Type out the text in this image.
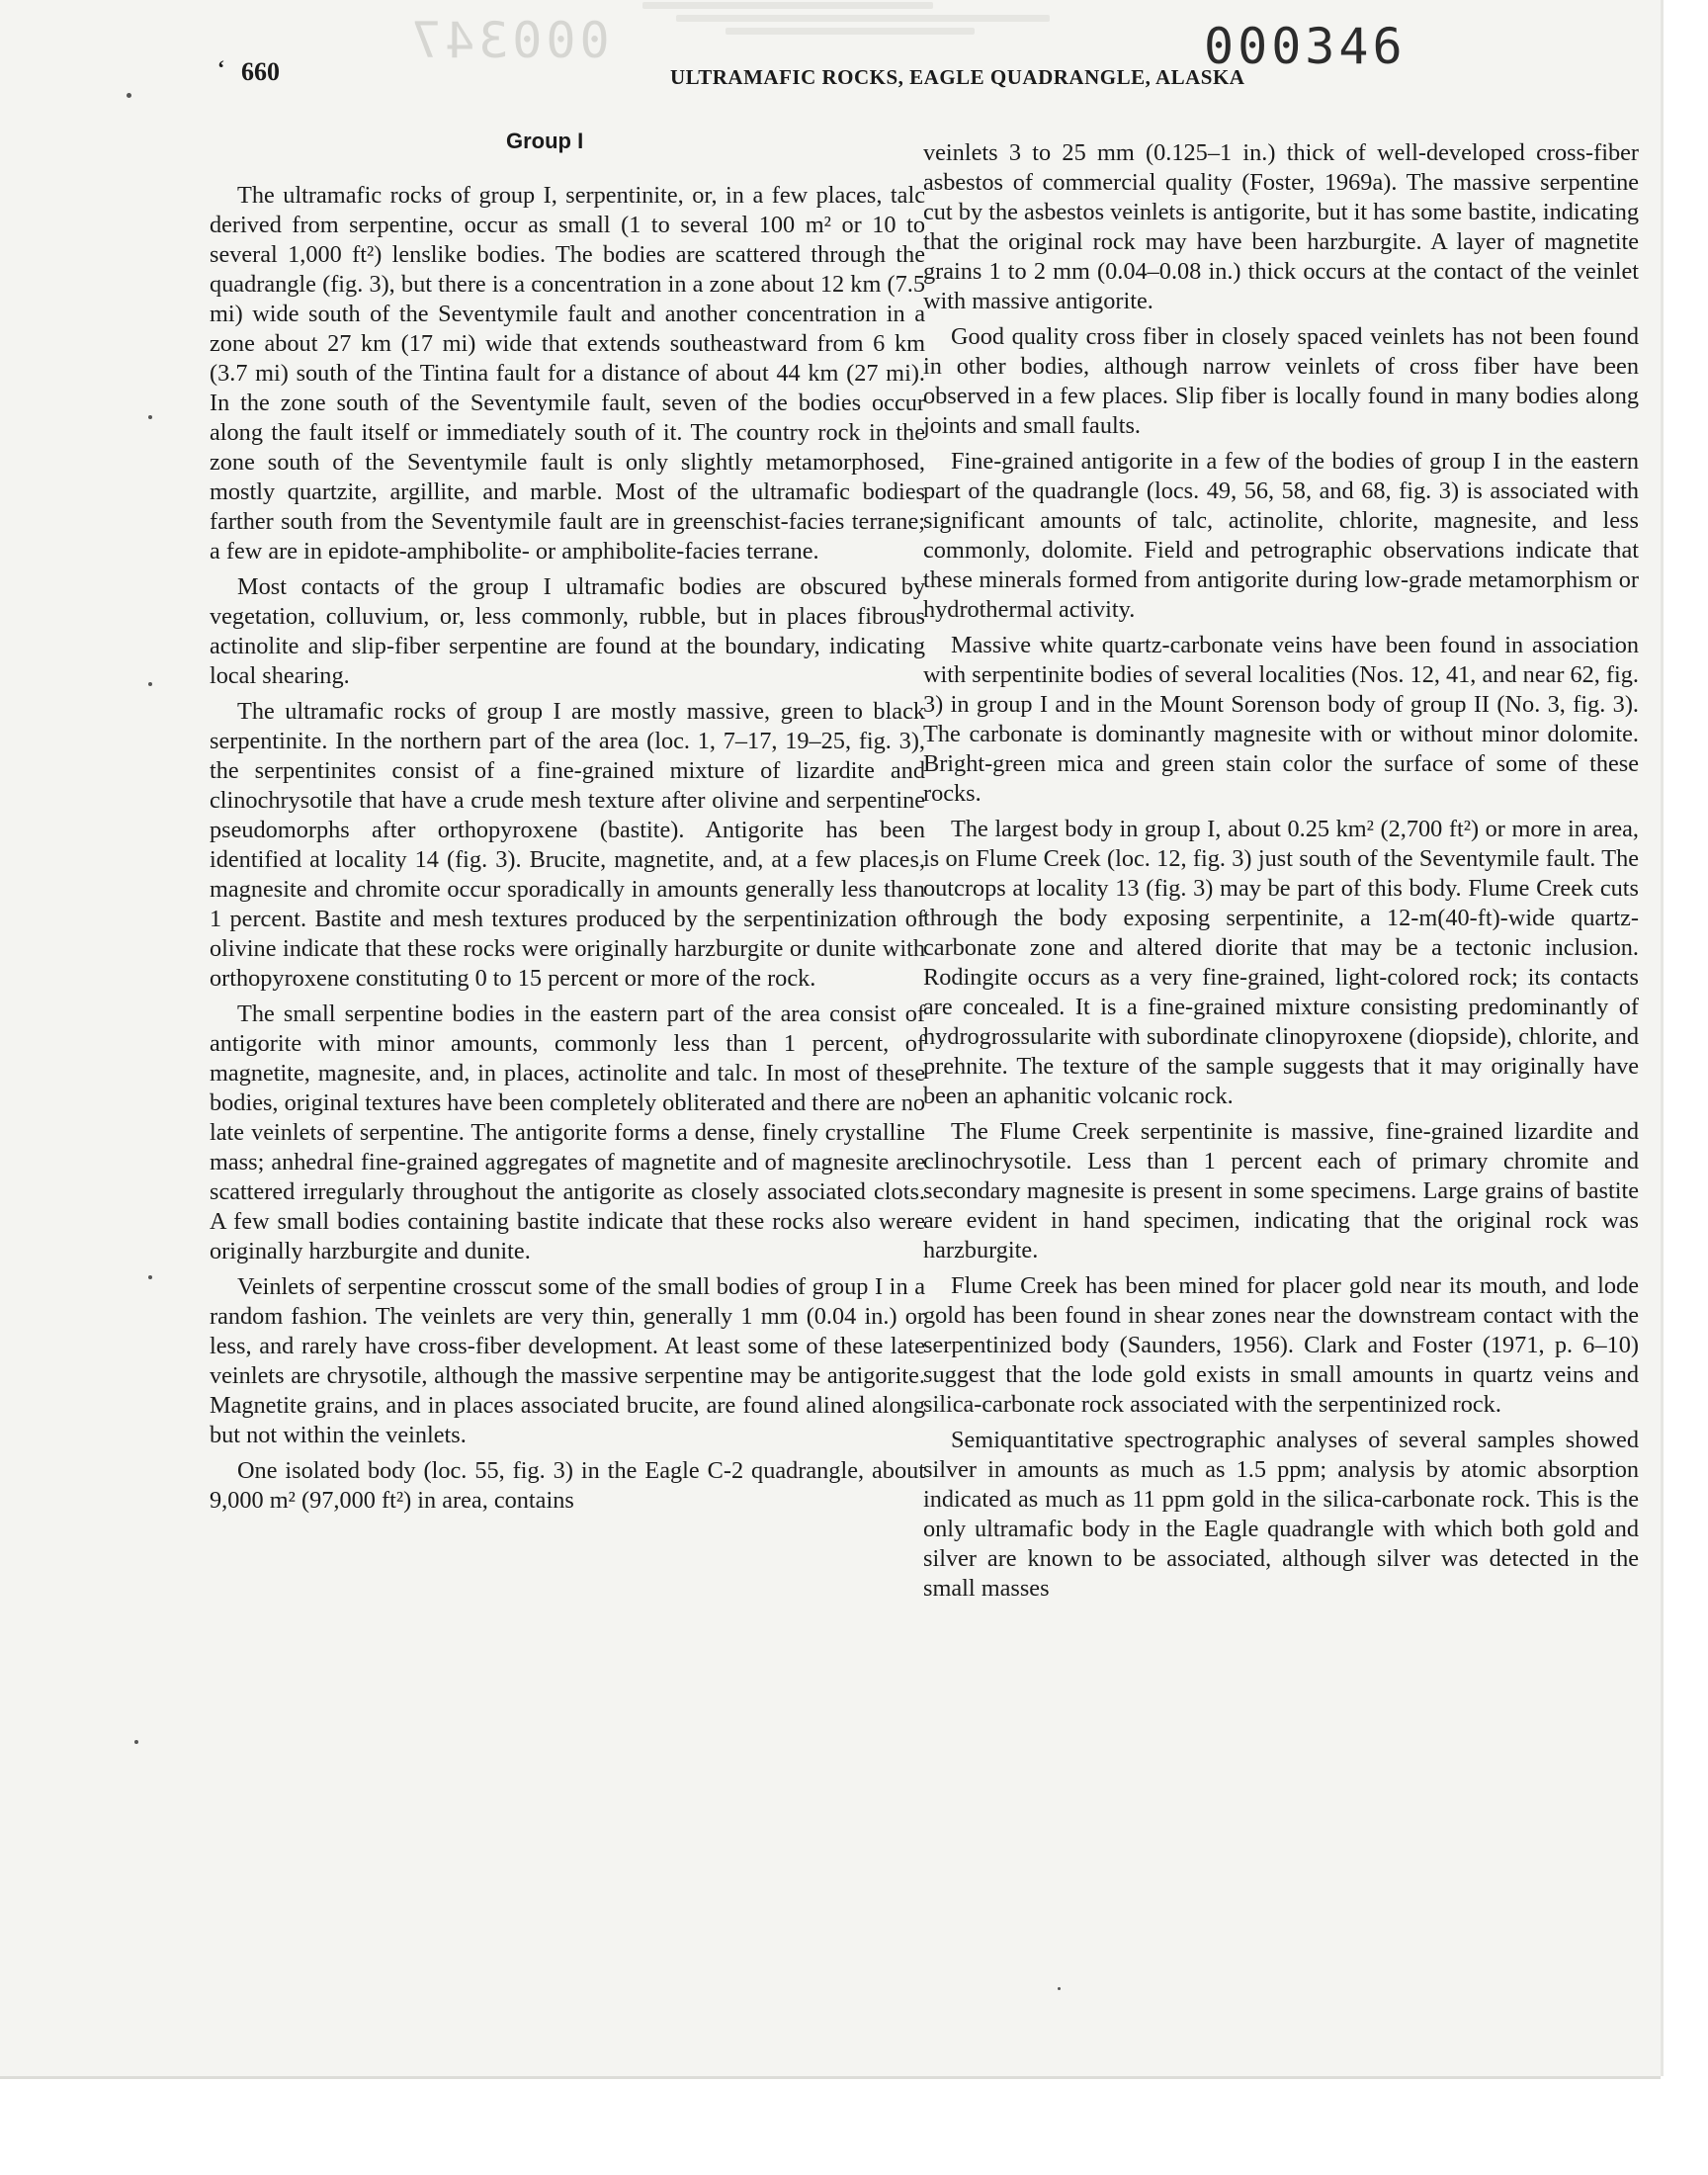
000347
‘ 660	ULTRAMAFIC ROCKS, EAGLE QUADRANGLE, ALASKA
000346
Group I

The ultramafic rocks of group I, serpentinite, or, in a few places, talc derived from serpentine, occur as small (1 to several 100 m² or 10 to several 1,000 ft²) lenslike bodies. The bodies are scattered through the quadrangle (fig. 3), but there is a concentration in a zone about 12 km (7.5 mi) wide south of the Seventymile fault and another concentration in a zone about 27 km (17 mi) wide that extends southeastward from 6 km (3.7 mi) south of the Tintina fault for a distance of about 44 km (27 mi). In the zone south of the Seventymile fault, seven of the bodies occur along the fault itself or immediately south of it. The country rock in the zone south of the Seventymile fault is only slightly metamorphosed, mostly quartzite, argillite, and marble. Most of the ultramafic bodies farther south from the Seventymile fault are in greenschist-facies terrane; a few are in epidote-amphibolite- or amphibolite-facies terrane.

Most contacts of the group I ultramafic bodies are obscured by vegetation, colluvium, or, less commonly, rubble, but in places fibrous actinolite and slip-fiber serpentine are found at the boundary, indicating local shearing.

The ultramafic rocks of group I are mostly massive, green to black serpentinite. In the northern part of the area (loc. 1, 7–17, 19–25, fig. 3), the serpentinites consist of a fine-grained mixture of lizardite and clinochrysotile that have a crude mesh texture after olivine and serpentine pseudomorphs after orthopyroxene (bastite). Antigorite has been identified at locality 14 (fig. 3). Brucite, magnetite, and, at a few places, magnesite and chromite occur sporadically in amounts generally less than 1 percent. Bastite and mesh textures produced by the serpentinization of olivine indicate that these rocks were originally harzburgite or dunite with orthopyroxene constituting 0 to 15 percent or more of the rock.

The small serpentine bodies in the eastern part of the area consist of antigorite with minor amounts, commonly less than 1 percent, of magnetite, magnesite, and, in places, actinolite and talc. In most of these bodies, original textures have been completely obliterated and there are no late veinlets of serpentine. The antigorite forms a dense, finely crystalline mass; anhedral fine-grained aggregates of magnetite and of magnesite are scattered irregularly throughout the antigorite as closely associated clots. A few small bodies containing bastite indicate that these rocks also were originally harzburgite and dunite.

Veinlets of serpentine crosscut some of the small bodies of group I in a random fashion. The veinlets are very thin, generally 1 mm (0.04 in.) or less, and rarely have cross-fiber development. At least some of these late veinlets are chrysotile, although the massive serpentine may be antigorite. Magnetite grains, and in places associated brucite, are found alined along but not within the veinlets.

One isolated body (loc. 55, fig. 3) in the Eagle C-2 quadrangle, about 9,000 m² (97,000 ft²) in area, contains

veinlets 3 to 25 mm (0.125–1 in.) thick of well-developed cross-fiber asbestos of commercial quality (Foster, 1969a). The massive serpentine cut by the asbestos veinlets is antigorite, but it has some bastite, indicating that the original rock may have been harzburgite. A layer of magnetite grains 1 to 2 mm (0.04–0.08 in.) thick occurs at the contact of the veinlet with massive antigorite.

Good quality cross fiber in closely spaced veinlets has not been found in other bodies, although narrow veinlets of cross fiber have been observed in a few places. Slip fiber is locally found in many bodies along joints and small faults.

Fine-grained antigorite in a few of the bodies of group I in the eastern part of the quadrangle (locs. 49, 56, 58, and 68, fig. 3) is associated with significant amounts of talc, actinolite, chlorite, magnesite, and less commonly, dolomite. Field and petrographic observations indicate that these minerals formed from antigorite during low-grade metamorphism or hydrothermal activity.

Massive white quartz-carbonate veins have been found in association with serpentinite bodies of several localities (Nos. 12, 41, and near 62, fig. 3) in group I and in the Mount Sorenson body of group II (No. 3, fig. 3). The carbonate is dominantly magnesite with or without minor dolomite. Bright-green mica and green stain color the surface of some of these rocks.

The largest body in group I, about 0.25 km² (2,700 ft²) or more in area, is on Flume Creek (loc. 12, fig. 3) just south of the Seventymile fault. The outcrops at locality 13 (fig. 3) may be part of this body. Flume Creek cuts through the body exposing serpentinite, a 12-m(40-ft)-wide quartz-carbonate zone and altered diorite that may be a tectonic inclusion. Rodingite occurs as a very fine-grained, light-colored rock; its contacts are concealed. It is a fine-grained mixture consisting predominantly of hydrogrossularite with subordinate clinopyroxene (diopside), chlorite, and prehnite. The texture of the sample suggests that it may originally have been an aphanitic volcanic rock.

The Flume Creek serpentinite is massive, fine-grained lizardite and clinochrysotile. Less than 1 percent each of primary chromite and secondary magnesite is present in some specimens. Large grains of bastite are evident in hand specimen, indicating that the original rock was harzburgite.

Flume Creek has been mined for placer gold near its mouth, and lode gold has been found in shear zones near the downstream contact with the serpentinized body (Saunders, 1956). Clark and Foster (1971, p. 6–10) suggest that the lode gold exists in small amounts in quartz veins and silica-carbonate rock associated with the serpentinized rock.

Semiquantitative spectrographic analyses of several samples showed silver in amounts as much as 1.5 ppm; analysis by atomic absorption indicated as much as 11 ppm gold in the silica-carbonate rock. This is the only ultramafic body in the Eagle quadrangle with which both gold and silver are known to be associated, although silver was detected in the small masses
